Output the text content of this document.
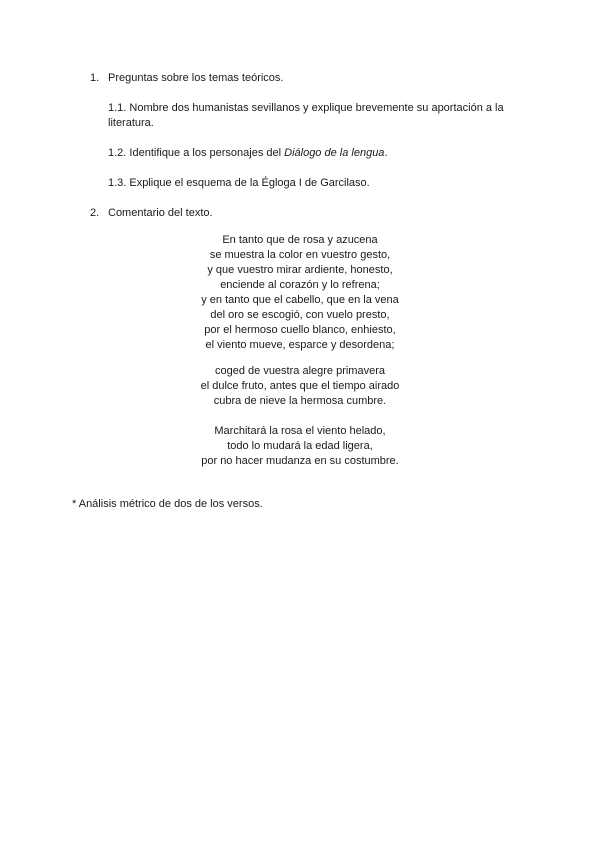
1. Preguntas sobre los temas teóricos.

1.1. Nombre dos humanistas sevillanos y explique brevemente su aportación a la

literatura.

1.2. Identifique a los personajes del Diálogo de la lengua.

1.3. Explique el esquema de la Égloga I de Garcilaso.

2. Comentario del texto.
En tanto que de rosa y azucena
se muestra la color en vuestro gesto,
y que vuestro mirar ardiente, honesto,
enciende al corazón y lo refrena;
y en tanto que el cabello, que en la vena
del oro se escogió, con vuelo presto,
por el hermoso cuello blanco, enhiesto,
el viento mueve, esparce y desordena;
coged de vuestra alegre primavera
el dulce fruto, antes que el tiempo airado
cubra de nieve la hermosa cumbre.
Marchitará la rosa el viento helado,
todo lo mudará la edad ligera,
por no hacer mudanza en su costumbre.
* Análisis métrico de dos de los versos.
